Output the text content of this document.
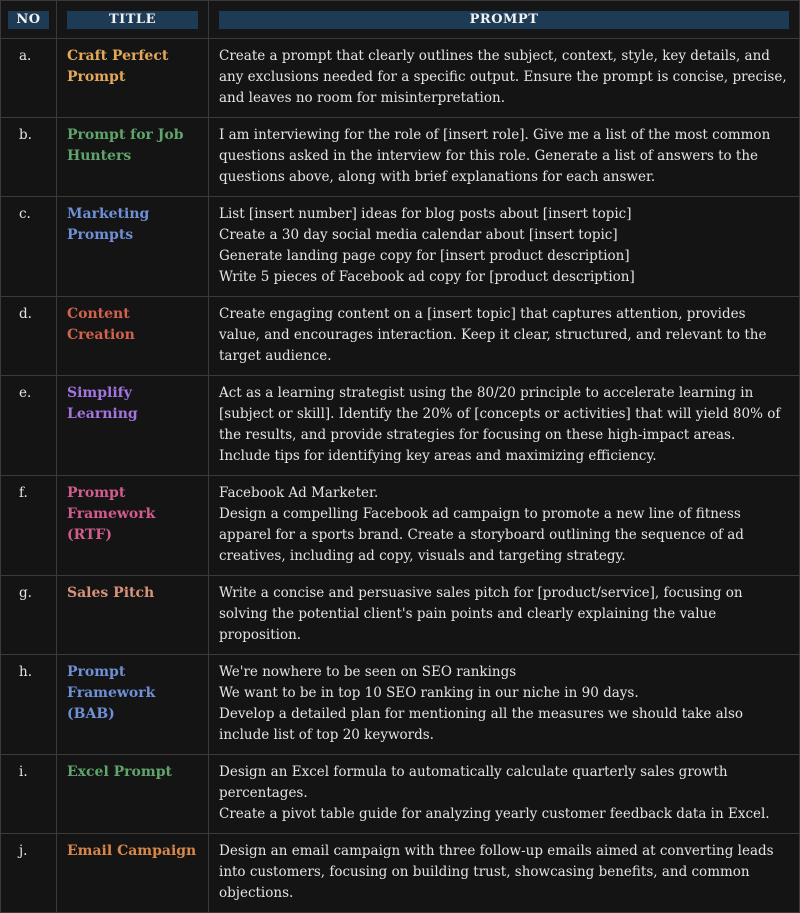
NO	TITLE	PROMPT

a.	Craft Perfect Prompt	Create a prompt that clearly outlines the subject, context, style, key details, and any exclusions needed for a specific output. Ensure the prompt is concise, precise, and leaves no room for misinterpretation.

b.	Prompt for Job Hunters	I am interviewing for the role of [insert role]. Give me a list of the most common questions asked in the interview for this role. Generate a list of answers to the questions above, along with brief explanations for each answer.

c.	Marketing Prompts	List [insert number] ideas for blog posts about [insert topic]
Create a 30 day social media calendar about [insert topic]
Generate landing page copy for [insert product description]
Write 5 pieces of Facebook ad copy for [product description]

d.	Content Creation	Create engaging content on a [insert topic] that captures attention, provides value, and encourages interaction. Keep it clear, structured, and relevant to the target audience.

e.	Simplify Learning	Act as a learning strategist using the 80/20 principle to accelerate learning in [subject or skill]. Identify the 20% of [concepts or activities] that will yield 80% of the results, and provide strategies for focusing on these high-impact areas. Include tips for identifying key areas and maximizing efficiency.

f.	Prompt Framework (RTF)	Facebook Ad Marketer.
Design a compelling Facebook ad campaign to promote a new line of fitness apparel for a sports brand. Create a storyboard outlining the sequence of ad creatives, including ad copy, visuals and targeting strategy.

g.	Sales Pitch	Write a concise and persuasive sales pitch for [product/service], focusing on solving the potential client's pain points and clearly explaining the value proposition.

h.	Prompt Framework (BAB)	We're nowhere to be seen on SEO rankings
We want to be in top 10 SEO ranking in our niche in 90 days.
Develop a detailed plan for mentioning all the measures we should take also include list of top 20 keywords.

i.	Excel Prompt	Design an Excel formula to automatically calculate quarterly sales growth percentages.
Create a pivot table guide for analyzing yearly customer feedback data in Excel.

j.	Email Campaign	Design an email campaign with three follow-up emails aimed at converting leads into customers, focusing on building trust, showcasing benefits, and common objections.
